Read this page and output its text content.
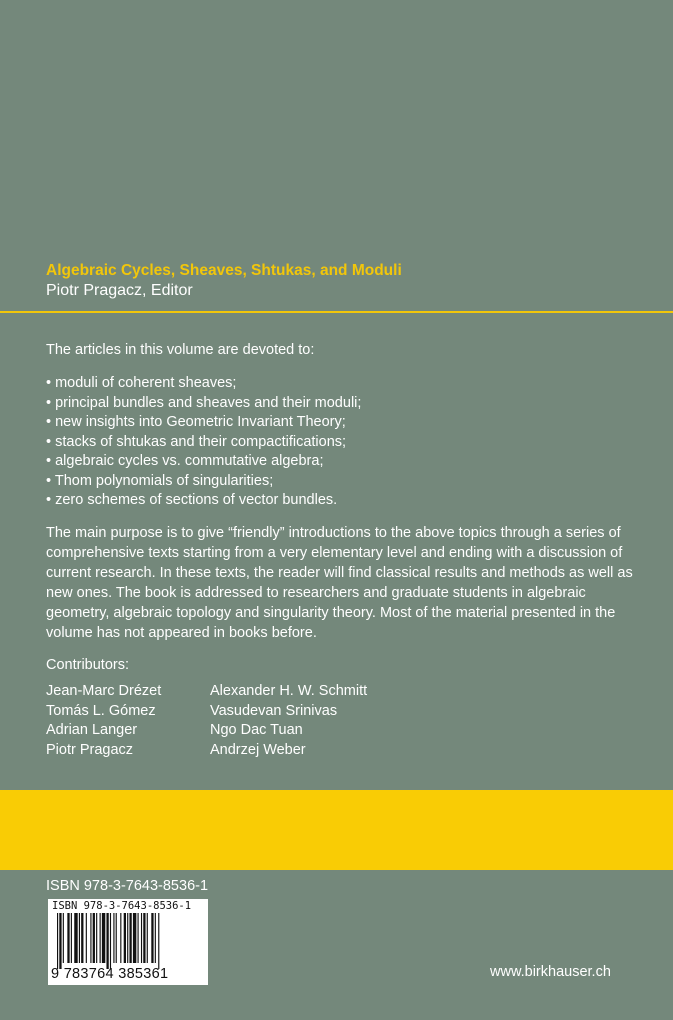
Algebraic Cycles, Sheaves, Shtukas, and Moduli
Piotr Pragacz, Editor
The articles in this volume are devoted to:
• moduli of coherent sheaves;
• principal bundles and sheaves and their moduli;
• new insights into Geometric Invariant Theory;
• stacks of shtukas and their compactifications;
• algebraic cycles vs. commutative algebra;
• Thom polynomials of singularities;
• zero schemes of sections of vector bundles.

The main purpose is to give “friendly” introductions to the above topics through a series of comprehensive texts starting from a very elementary level and ending with a discussion of current research. In these texts, the reader will find classical results and methods as well as new ones. The book is addressed to researchers and graduate students in algebraic geometry, algebraic topology and singularity theory. Most of the material presented in the volume has not appeared in books before.

Contributors:
Jean-Marc Drézet
Tomás L. Gómez
Adrian Langer
Piotr Pragacz
Alexander H. W. Schmitt
Vasudevan Srinivas
Ngo Dac Tuan
Andrzej Weber
ISBN 978-3-7643-8536-1
ISBN 978-3-7643-8536-1
9 783764 385361	www.birkhauser.ch
